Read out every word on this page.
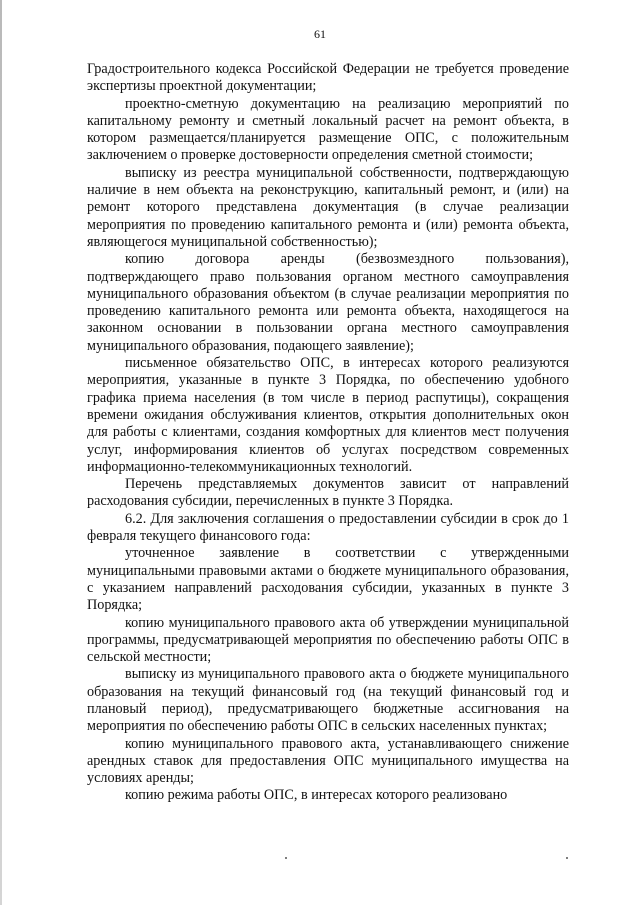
61

Градостроительного кодекса Российской Федерации не требуется проведение экспертизы проектной документации;

проектно-сметную документацию на реализацию мероприятий по капитальному ремонту и сметный локальный расчет на ремонт объекта, в котором размещается/планируется размещение ОПС, с положительным заключением о проверке достоверности определения сметной стоимости;

выписку из реестра муниципальной собственности, подтверждающую наличие в нем объекта на реконструкцию, капитальный ремонт, и (или) на ремонт которого представлена документация (в случае реализации мероприятия по проведению капитального ремонта и (или) ремонта объекта, являющегося муниципальной собственностью);

копию договора аренды (безвозмездного пользования), подтверждающего право пользования органом местного самоуправления муниципального образования объектом (в случае реализации мероприятия по проведению капитального ремонта или ремонта объекта, находящегося на законном основании в пользовании органа местного самоуправления муниципального образования, подающего заявление);

письменное обязательство ОПС, в интересах которого реализуются мероприятия, указанные в пункте 3 Порядка, по обеспечению удобного графика приема населения (в том числе в период распутицы), сокращения времени ожидания обслуживания клиентов, открытия дополнительных окон для работы с клиентами, создания комфортных для клиентов мест получения услуг, информирования клиентов об услугах посредством современных информационно-телекоммуникационных технологий.

Перечень представляемых документов зависит от направлений расходования субсидии, перечисленных в пункте 3 Порядка.

6.2. Для заключения соглашения о предоставлении субсидии в срок до 1 февраля текущего финансового года:

уточненное заявление в соответствии с утвержденными муниципальными правовыми актами о бюджете муниципального образования, с указанием направлений расходования субсидии, указанных в пункте 3 Порядка;

копию муниципального правового акта об утверждении муниципальной программы, предусматривающей мероприятия по обеспечению работы ОПС в сельской местности;

выписку из муниципального правового акта о бюджете муниципального образования на текущий финансовый год (на текущий финансовый год и плановый период), предусматривающего бюджетные ассигнования на мероприятия по обеспечению работы ОПС в сельских населенных пунктах;

копию муниципального правового акта, устанавливающего снижение арендных ставок для предоставления ОПС муниципального имущества на условиях аренды;

копию режима работы ОПС, в интересах которого реализовано
